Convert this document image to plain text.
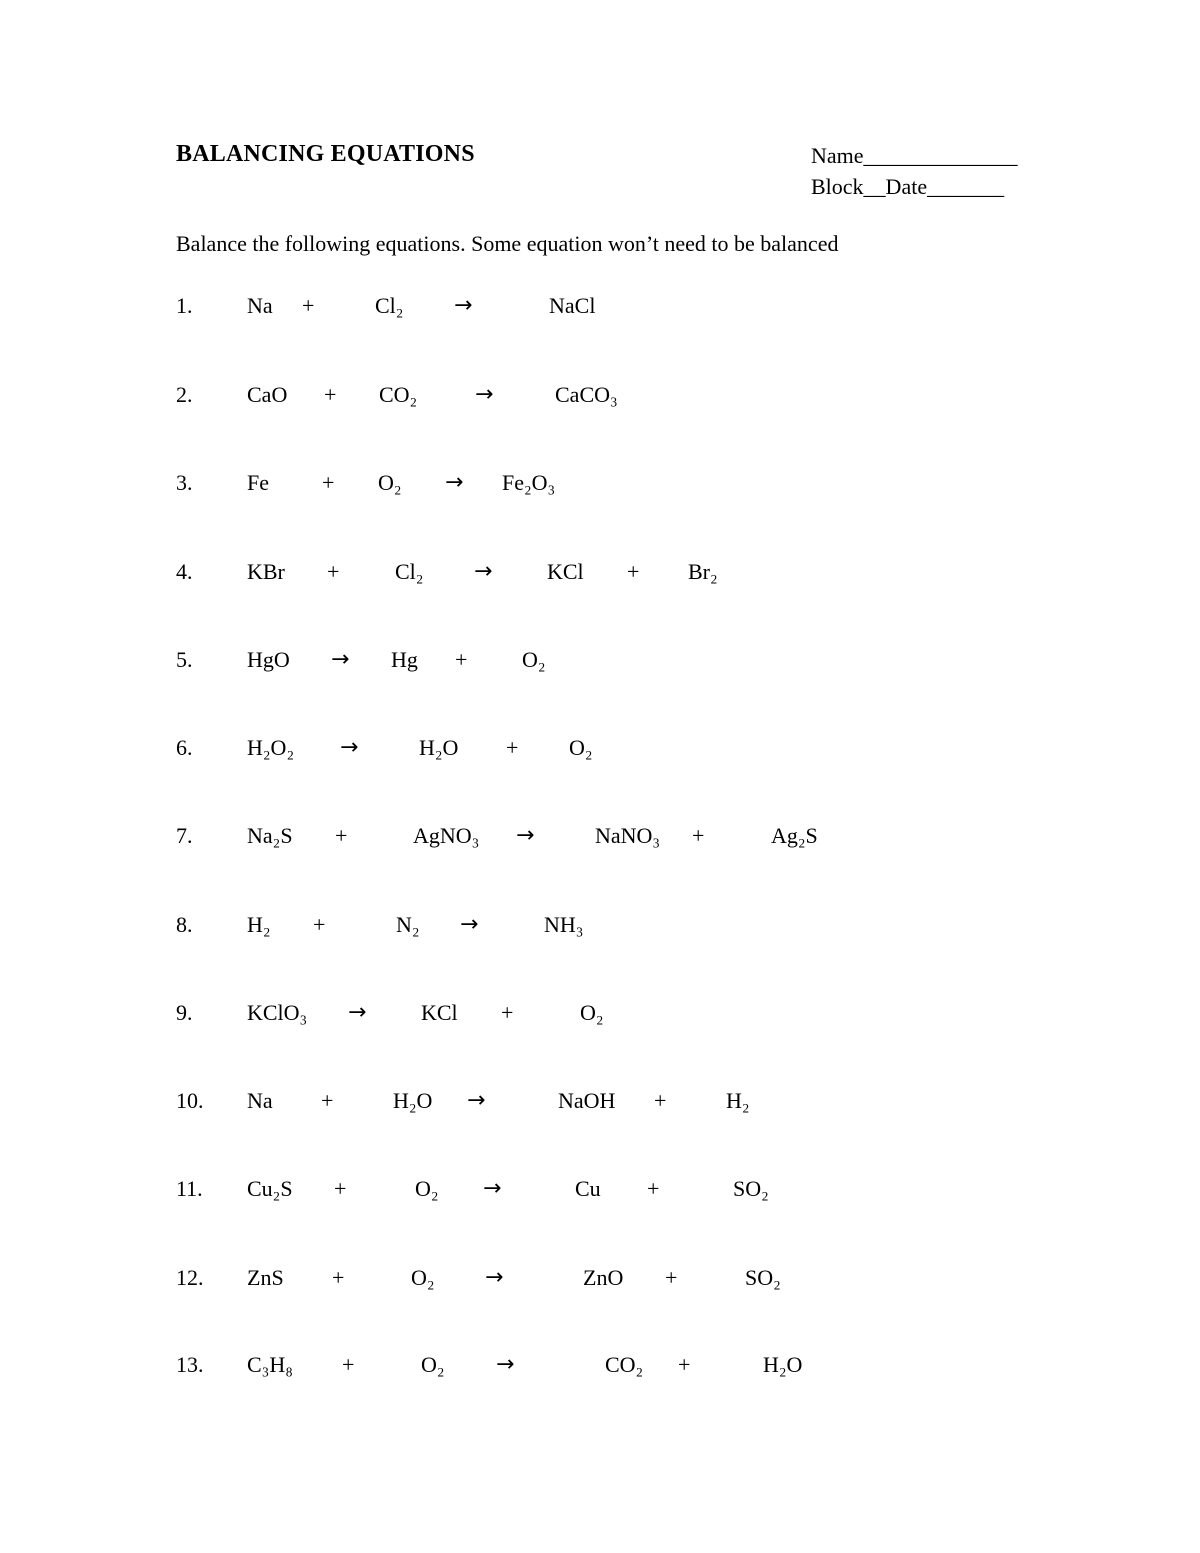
BALANCING EQUATIONS	Name______________
Block__Date_______
Balance the following equations. Some equation won’t need to be balanced
1. Na +	Cl₂ →	NaCl
2. CaO + CO₂	→	CaCO₃
3. Fe + O₂ → Fe₂O₃
4. KBr +	Cl₂ → KCl + Br₂
5. HgO → Hg + O₂
6. H₂O₂ →	H₂O + O₂
7. Na₂S +	AgNO₃ →	NaNO₃ +	Ag₂S
8. H₂ +	N₂ →	NH₃
9. KClO₃ → KCl +	O₂
10. Na +	H₂O →	NaOH +	H₂
11. Cu₂S +	O₂ →	Cu +	SO₂
12. ZnS +	O₂ →	ZnO +	SO₂
13. C₃H₈ +	O₂ →	CO₂ +	H₂O
